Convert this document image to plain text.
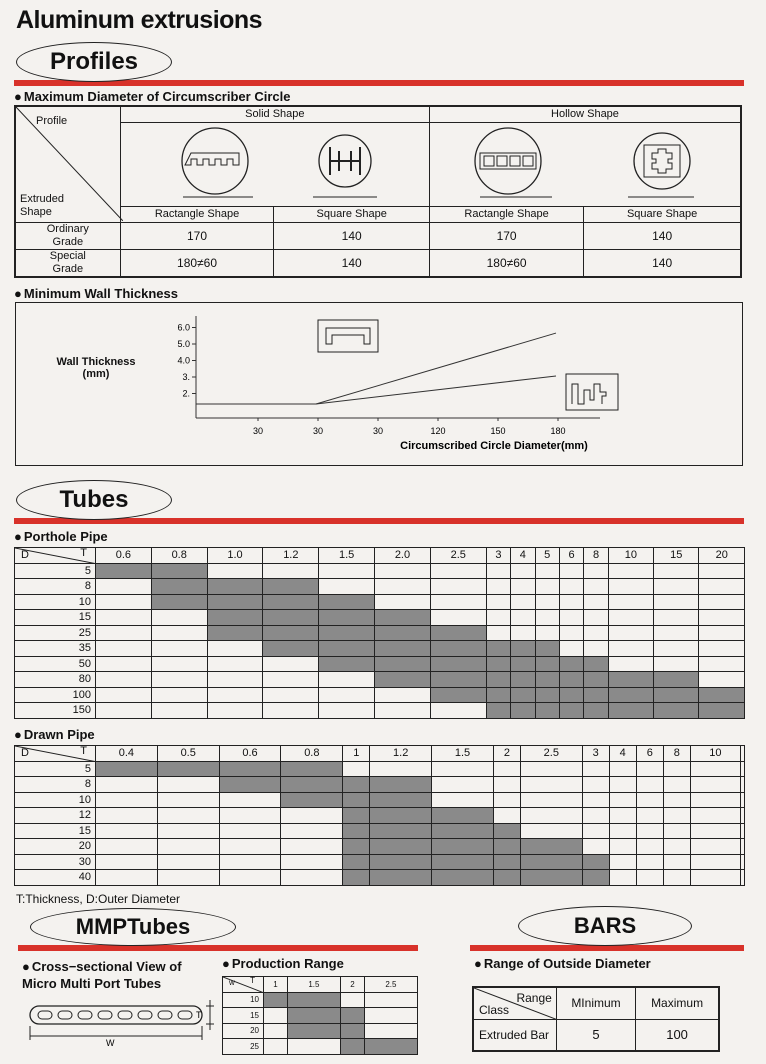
Aluminum extrusions
Profiles
● Maximum Diameter of Circumscriber Circle
Profile
Extruded Shape	Solid Shape		Hollow Shape	

	Ractangle Shape	Square Shape	Ractangle Shape	Square Shape
Ordinary Grade	170	140	170	140
Special Grade	180≠60	140	180≠60	140
● Minimum Wall Thickness
Wall Thickness (mm)
6.0
5.0
4.0
3.
2.
30	30	30	120	150	180
Circumscribed Circle Diameter(mm)
Tubes
● Porthole Pipe
D T	0.6	0.8	1.0	1.2	1.5	2.0	2.5	3	4	5	6	8	10	15	20
5															
8															
10															
15															
25															
35															
50															
80															
100															
150															
● Drawn Pipe
D T	0.4	0.5	0.6	0.8	1	1.2	1.5	2	2.5	3	4	6	8	10	
5															
8															
10															
12															
15															
20															
30															
40															
T:Thickness, D:Outer Diameter
MMPTubes
● Cross−sectional View of Micro Multi Port Tubes
W
T
● Production Range
w T	1	1.5	2	2.5
10				
15				
20				
25				
BARS
● Range of Outside Diameter
Range
Class	MInimum	Maximum
Extruded Bar	5	100
